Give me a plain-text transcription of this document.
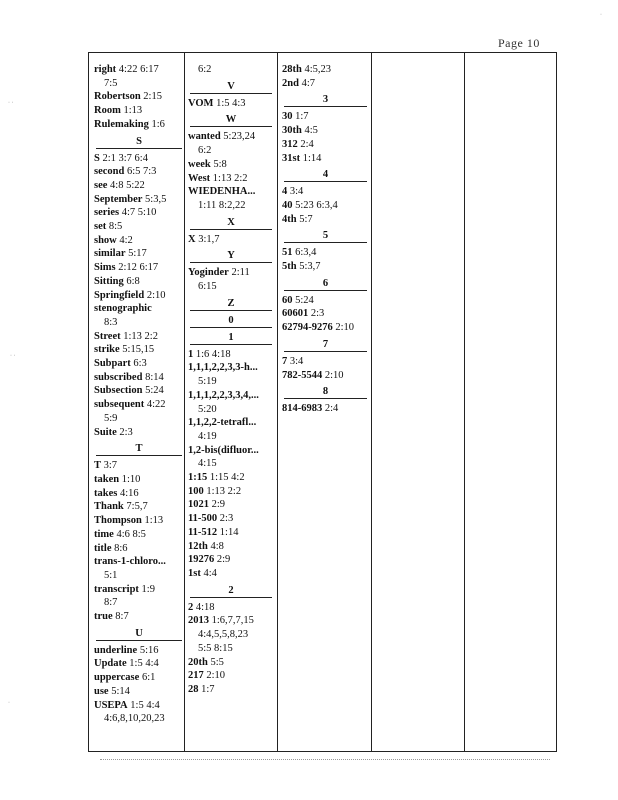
Page 10
right 4:22 6:17
7:5
Robertson 2:15
Room 1:13
Rulemaking 1:6
S
S 2:1 3:7 6:4
second 6:5 7:3
see 4:8 5:22
September 5:3,5
series 4:7 5:10
set 8:5
show 4:2
similar 5:17
Sims 2:12 6:17
Sitting 6:8
Springfield 2:10
stenographic
8:3
Street 1:13 2:2
strike 5:15,15
Subpart 6:3
subscribed 8:14
Subsection 5:24
subsequent 4:22
5:9
Suite 2:3
T
T 3:7
taken 1:10
takes 4:16
Thank 7:5,7
Thompson 1:13
time 4:6 8:5
title 8:6
trans-1-chloro...
5:1
transcript 1:9
8:7
true 8:7
U
underline 5:16
Update 1:5 4:4
uppercase 6:1
use 5:14
USEPA 1:5 4:4
4:6,8,10,20,23
6:2
V
VOM 1:5 4:3
W
wanted 5:23,24
6:2
week 5:8
West 1:13 2:2
WIEDENHA...
1:11 8:2,22
X
X 3:1,7
Y
Yoginder 2:11
6:15
Z
0
1
1 1:6 4:18
1,1,1,2,2,3,3-h...
5:19
1,1,1,2,2,3,3,4,...
5:20
1,1,2,2-tetrafl...
4:19
1,2-bis(difluor...
4:15
1:15 1:15 4:2
100 1:13 2:2
1021 2:9
11-500 2:3
11-512 1:14
12th 4:8
19276 2:9
1st 4:4
2
2 4:18
2013 1:6,7,7,15
4:4,5,5,8,23
5:5 8:15
20th 5:5
217 2:10
28 1:7
28th 4:5,23
2nd 4:7
3
30 1:7
30th 4:5
312 2:4
31st 1:14
4
4 3:4
40 5:23 6:3,4
4th 5:7
5
51 6:3,4
5th 5:3,7
6
60 5:24
60601 2:3
62794-9276 2:10
7
7 3:4
782-5544 2:10
8
814-6983 2:4
· ·
· ·
·
·
